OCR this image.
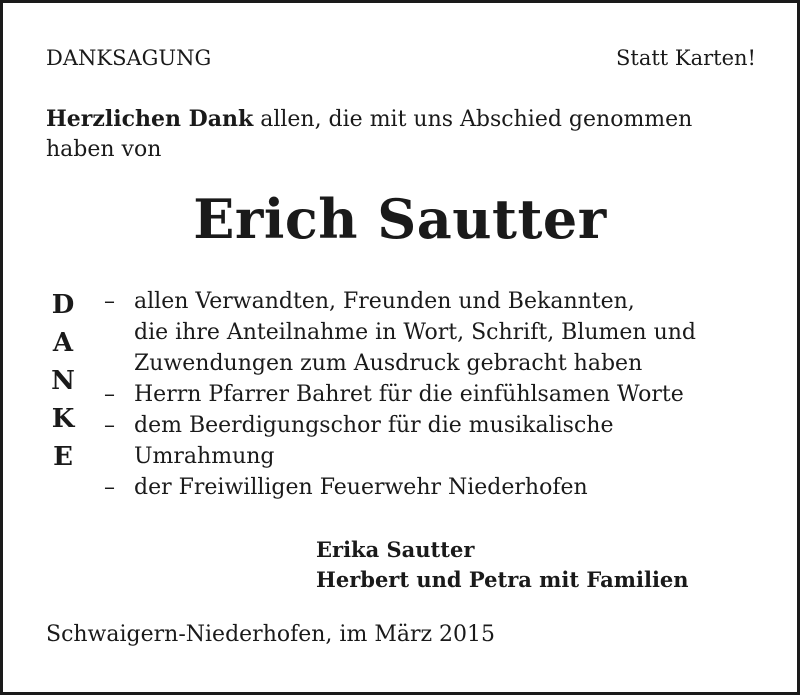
DANKSAGUNG	Statt Karten!
Herzlichen Dank allen, die mit uns Abschied genommen
haben von
Erich Sautter
D
A
N
K
E
– allen Verwandten, Freunden und Bekannten,
die ihre Anteilnahme in Wort, Schrift, Blumen und
Zuwendungen zum Ausdruck gebracht haben
– Herrn Pfarrer Bahret für die einfühlsamen Worte
– dem Beerdigungschor für die musikalische
Umrahmung
– der Freiwilligen Feuerwehr Niederhofen
Erika Sautter
Herbert und Petra mit Familien
Schwaigern-Niederhofen, im März 2015
